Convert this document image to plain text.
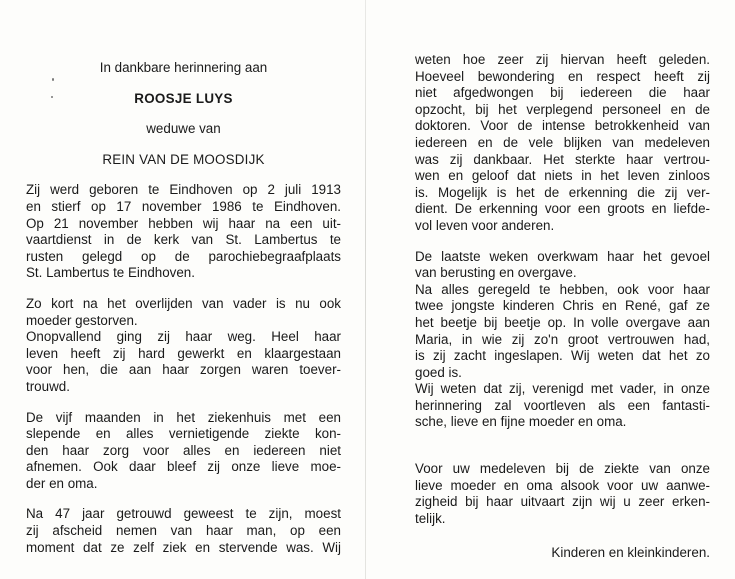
In dankbare herinnering aan

ROOSJE LUYS

weduwe van

REIN VAN DE MOOSDIJK

Zij werd geboren te Eindhoven op 2 juli 1913
en stierf op 17 november 1986 te Eindhoven.
Op 21 november hebben wij haar na een uit-
vaartdienst in de kerk van St. Lambertus te
rusten gelegd op de parochiebegraafplaats
St. Lambertus te Eindhoven.
Zo kort na het overlijden van vader is nu ook
moeder gestorven.
Onopvallend ging zij haar weg. Heel haar
leven heeft zij hard gewerkt en klaargestaan
voor hen, die aan haar zorgen waren toever-
trouwd.
De vijf maanden in het ziekenhuis met een
slepende en alles vernietigende ziekte kon-
den haar zorg voor alles en iedereen niet
afnemen. Ook daar bleef zij onze lieve moe-
der en oma.
Na 47 jaar getrouwd geweest te zijn, moest
zij afscheid nemen van haar man, op een
moment dat ze zelf ziek en stervende was. Wij
weten hoe zeer zij hiervan heeft geleden.
Hoeveel bewondering en respect heeft zij
niet afgedwongen bij iedereen die haar
opzocht, bij het verplegend personeel en de
doktoren. Voor de intense betrokkenheid van
iedereen en de vele blijken van medeleven
was zij dankbaar. Het sterkte haar vertrou-
wen en geloof dat niets in het leven zinloos
is. Mogelijk is het de erkenning die zij ver-
dient. De erkenning voor een groots en liefde-
vol leven voor anderen.
De laatste weken overkwam haar het gevoel
van berusting en overgave.
Na alles geregeld te hebben, ook voor haar
twee jongste kinderen Chris en René, gaf ze
het beetje bij beetje op. In volle overgave aan
Maria, in wie zij zo'n groot vertrouwen had,
is zij zacht ingeslapen. Wij weten dat het zo
goed is.
Wij weten dat zij, verenigd met vader, in onze
herinnering zal voortleven als een fantasti-
sche, lieve en fijne moeder en oma.
Voor uw medeleven bij de ziekte van onze
lieve moeder en oma alsook voor uw aanwe-
zigheid bij haar uitvaart zijn wij u zeer erken-
telijk.
Kinderen en kleinkinderen.
